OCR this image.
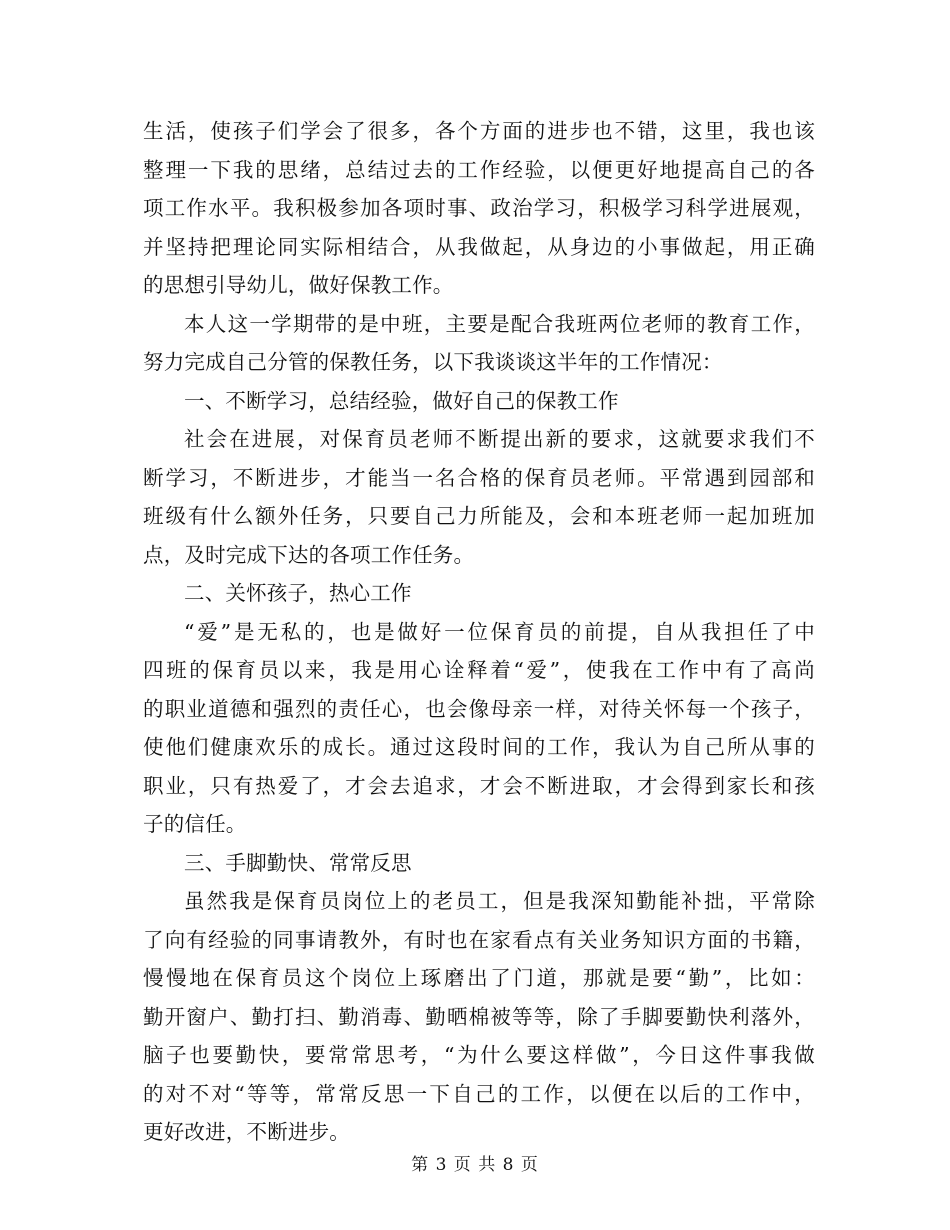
生活，使孩子们学会了很多，各个方面的进步也不错，这里，我也该
整理一下我的思绪，总结过去的工作经验，以便更好地提高自己的各
项工作水平。我积极参加各项时事、政治学习，积极学习科学进展观，
并坚持把理论同实际相结合，从我做起，从身边的小事做起，用正确
的思想引导幼儿，做好保教工作。
本人这一学期带的是中班，主要是配合我班两位老师的教育工作，
努力完成自己分管的保教任务，以下我谈谈这半年的工作情况：
一、不断学习，总结经验，做好自己的保教工作
社会在进展，对保育员老师不断提出新的要求，这就要求我们不
断学习，不断进步，才能当一名合格的保育员老师。平常遇到园部和
班级有什么额外任务，只要自己力所能及，会和本班老师一起加班加
点，及时完成下达的各项工作任务。
二、关怀孩子，热心工作
“爱”是无私的，也是做好一位保育员的前提，自从我担任了中
四班的保育员以来，我是用心诠释着“爱”，使我在工作中有了高尚
的职业道德和强烈的责任心，也会像母亲一样，对待关怀每一个孩子，
使他们健康欢乐的成长。通过这段时间的工作，我认为自己所从事的
职业，只有热爱了，才会去追求，才会不断进取，才会得到家长和孩
子的信任。
三、手脚勤快、常常反思
虽然我是保育员岗位上的老员工，但是我深知勤能补拙，平常除
了向有经验的同事请教外，有时也在家看点有关业务知识方面的书籍，
慢慢地在保育员这个岗位上琢磨出了门道，那就是要“勤”，比如：
勤开窗户、勤打扫、勤消毒、勤晒棉被等等，除了手脚要勤快利落外，
脑子也要勤快，要常常思考，“为什么要这样做”，今日这件事我做
的对不对“等等，常常反思一下自己的工作，以便在以后的工作中，
更好改进，不断进步。
第 3 页 共 8 页
